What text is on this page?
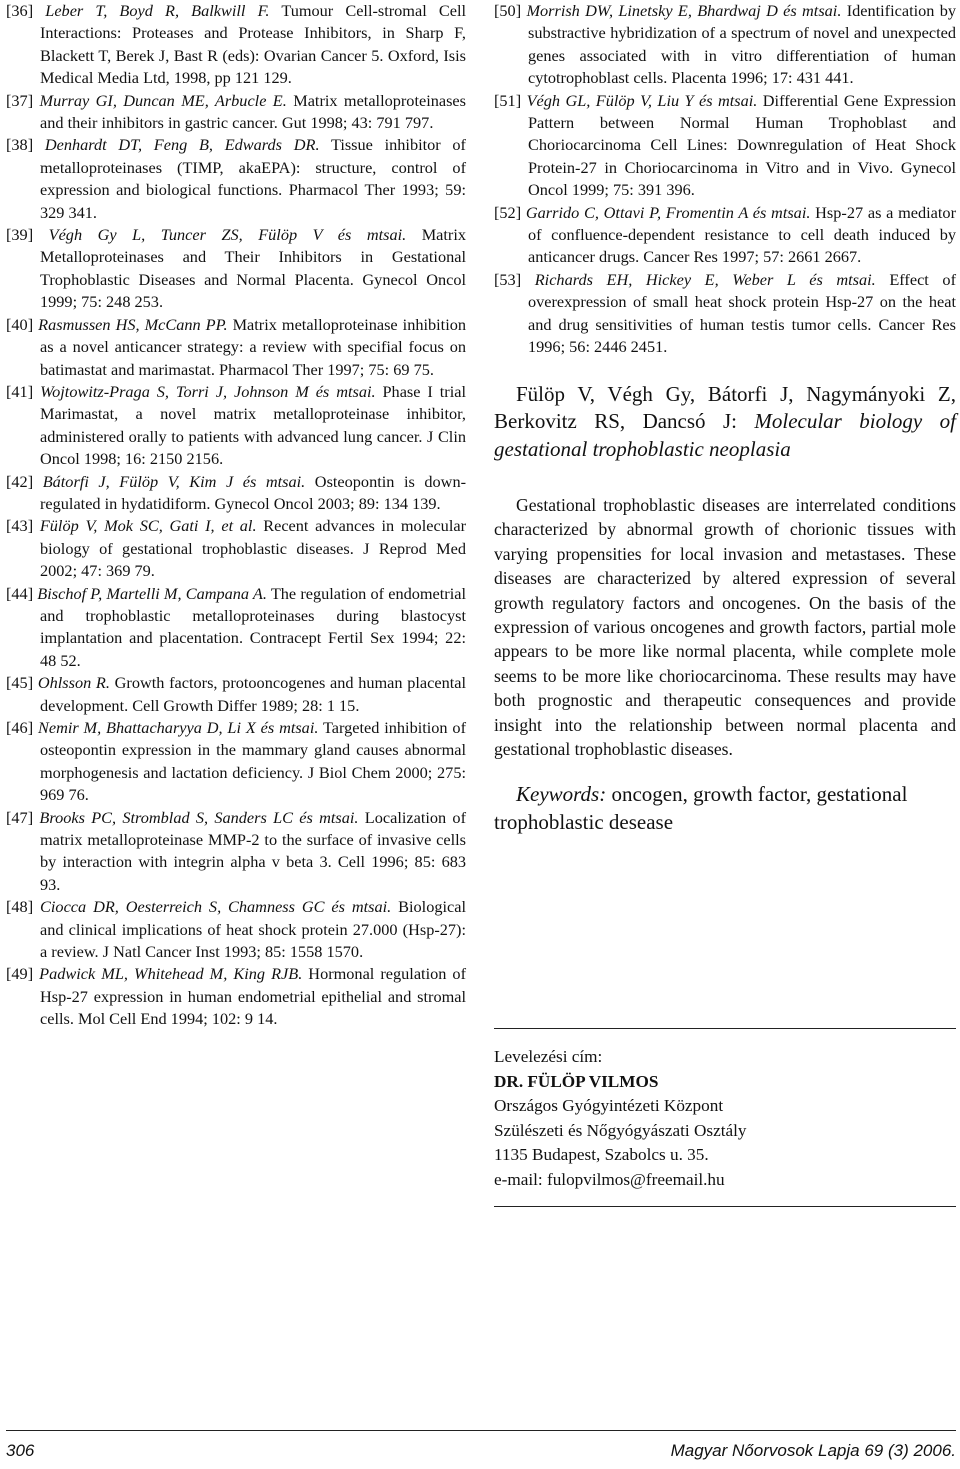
[36] Leber T, Boyd R, Balkwill F. Tumour Cell-stromal Cell Interactions: Proteases and Protease Inhibitors, in Sharp F, Blackett T, Berek J, Bast R (eds): Ovarian Cancer 5. Oxford, Isis Medical Media Ltd, 1998, pp 121 129.
[37] Murray GI, Duncan ME, Arbucle E. Matrix metalloproteinases and their inhibitors in gastric cancer. Gut 1998; 43: 791 797.
[38] Denhardt DT, Feng B, Edwards DR. Tissue inhibitor of metalloproteinases (TIMP, akaEPA): structure, control of expression and biological functions. Pharmacol Ther 1993; 59: 329 341.
[39] Végh Gy L, Tuncer ZS, Fülöp V és mtsai. Matrix Metalloproteinases and Their Inhibitors in Gestational Trophoblastic Diseases and Normal Placenta. Gynecol Oncol 1999; 75: 248 253.
[40] Rasmussen HS, McCann PP. Matrix metalloproteinase inhibition as a novel anticancer strategy: a review with specifial focus on batimastat and marimastat. Pharmacol Ther 1997; 75: 69 75.
[41] Wojtowitz-Praga S, Torri J, Johnson M és mtsai. Phase I trial Marimastat, a novel matrix metalloproteinase inhibitor, administered orally to patients with advanced lung cancer. J Clin Oncol 1998; 16: 2150 2156.
[42] Bátorfi J, Fülöp V, Kim J és mtsai. Osteopontin is down-regulated in hydatidiform. Gynecol Oncol 2003; 89: 134 139.
[43] Fülöp V, Mok SC, Gati I, et al. Recent advances in molecular biology of gestational trophoblastic diseases. J Reprod Med 2002; 47: 369 79.
[44] Bischof P, Martelli M, Campana A. The regulation of endometrial and trophoblastic metalloproteinases during blastocyst implantation and placentation. Contracept Fertil Sex 1994; 22: 48 52.
[45] Ohlsson R. Growth factors, protooncogenes and human placental development. Cell Growth Differ 1989; 28: 1 15.
[46] Nemir M, Bhattacharyya D, Li X és mtsai. Targeted inhibition of osteopontin expression in the mammary gland causes abnormal morphogenesis and lactation deficiency. J Biol Chem 2000; 275: 969 76.
[47] Brooks PC, Stromblad S, Sanders LC és mtsai. Localization of matrix metalloproteinase MMP-2 to the surface of invasive cells by interaction with integrin alpha v beta 3. Cell 1996; 85: 683 93.
[48] Ciocca DR, Oesterreich S, Chamness GC és mtsai. Biological and clinical implications of heat shock protein 27.000 (Hsp-27): a review. J Natl Cancer Inst 1993; 85: 1558 1570.
[49] Padwick ML, Whitehead M, King RJB. Hormonal regulation of Hsp-27 expression in human endometrial epithelial and stromal cells. Mol Cell End 1994; 102: 9 14.
[50] Morrish DW, Linetsky E, Bhardwaj D és mtsai. Identification by substractive hybridization of a spectrum of novel and unexpected genes associated with in vitro differentiation of human cytotrophoblast cells. Placenta 1996; 17: 431 441.
[51] Végh GL, Fülöp V, Liu Y és mtsai. Differential Gene Expression Pattern between Normal Human Trophoblast and Choriocarcinoma Cell Lines: Downregulation of Heat Shock Protein-27 in Choriocarcinoma in Vitro and in Vivo. Gynecol Oncol 1999; 75: 391 396.
[52] Garrido C, Ottavi P, Fromentin A és mtsai. Hsp-27 as a mediator of confluence-dependent resistance to cell death induced by anticancer drugs. Cancer Res 1997; 57: 2661 2667.
[53] Richards EH, Hickey E, Weber L és mtsai. Effect of overexpression of small heat shock protein Hsp-27 on the heat and drug sensitivities of human testis tumor cells. Cancer Res 1996; 56: 2446 2451.

Fülöp V, Végh Gy, Bátorfi J, Nagymányoki Z, Berkovitz RS, Dancsó J: Molecular biology of gestational trophoblastic neoplasia

Gestational trophoblastic diseases are interrelated conditions characterized by abnormal growth of chorionic tissues with varying propensities for local invasion and metastases. These diseases are characterized by altered expression of several growth regulatory factors and oncogenes. On the basis of the expression of various oncogenes and growth factors, partial mole appears to be more like normal placenta, while complete mole seems to be more like choriocarcinoma. These results may have both prognostic and therapeutic consequences and provide insight into the relationship between normal placenta and gestational trophoblastic diseases.

Keywords: oncogen, growth factor, gestational trophoblastic desease

Levelezési cím:
DR. FÜLÖP VILMOS
Országos Gyógyintézeti Központ
Szülészeti és Nőgyógyászati Osztály
1135 Budapest, Szabolcs u. 35.
e-mail: fulopvilmos@freemail.hu
306	Magyar Nőorvosok Lapja 69 (3) 2006.
